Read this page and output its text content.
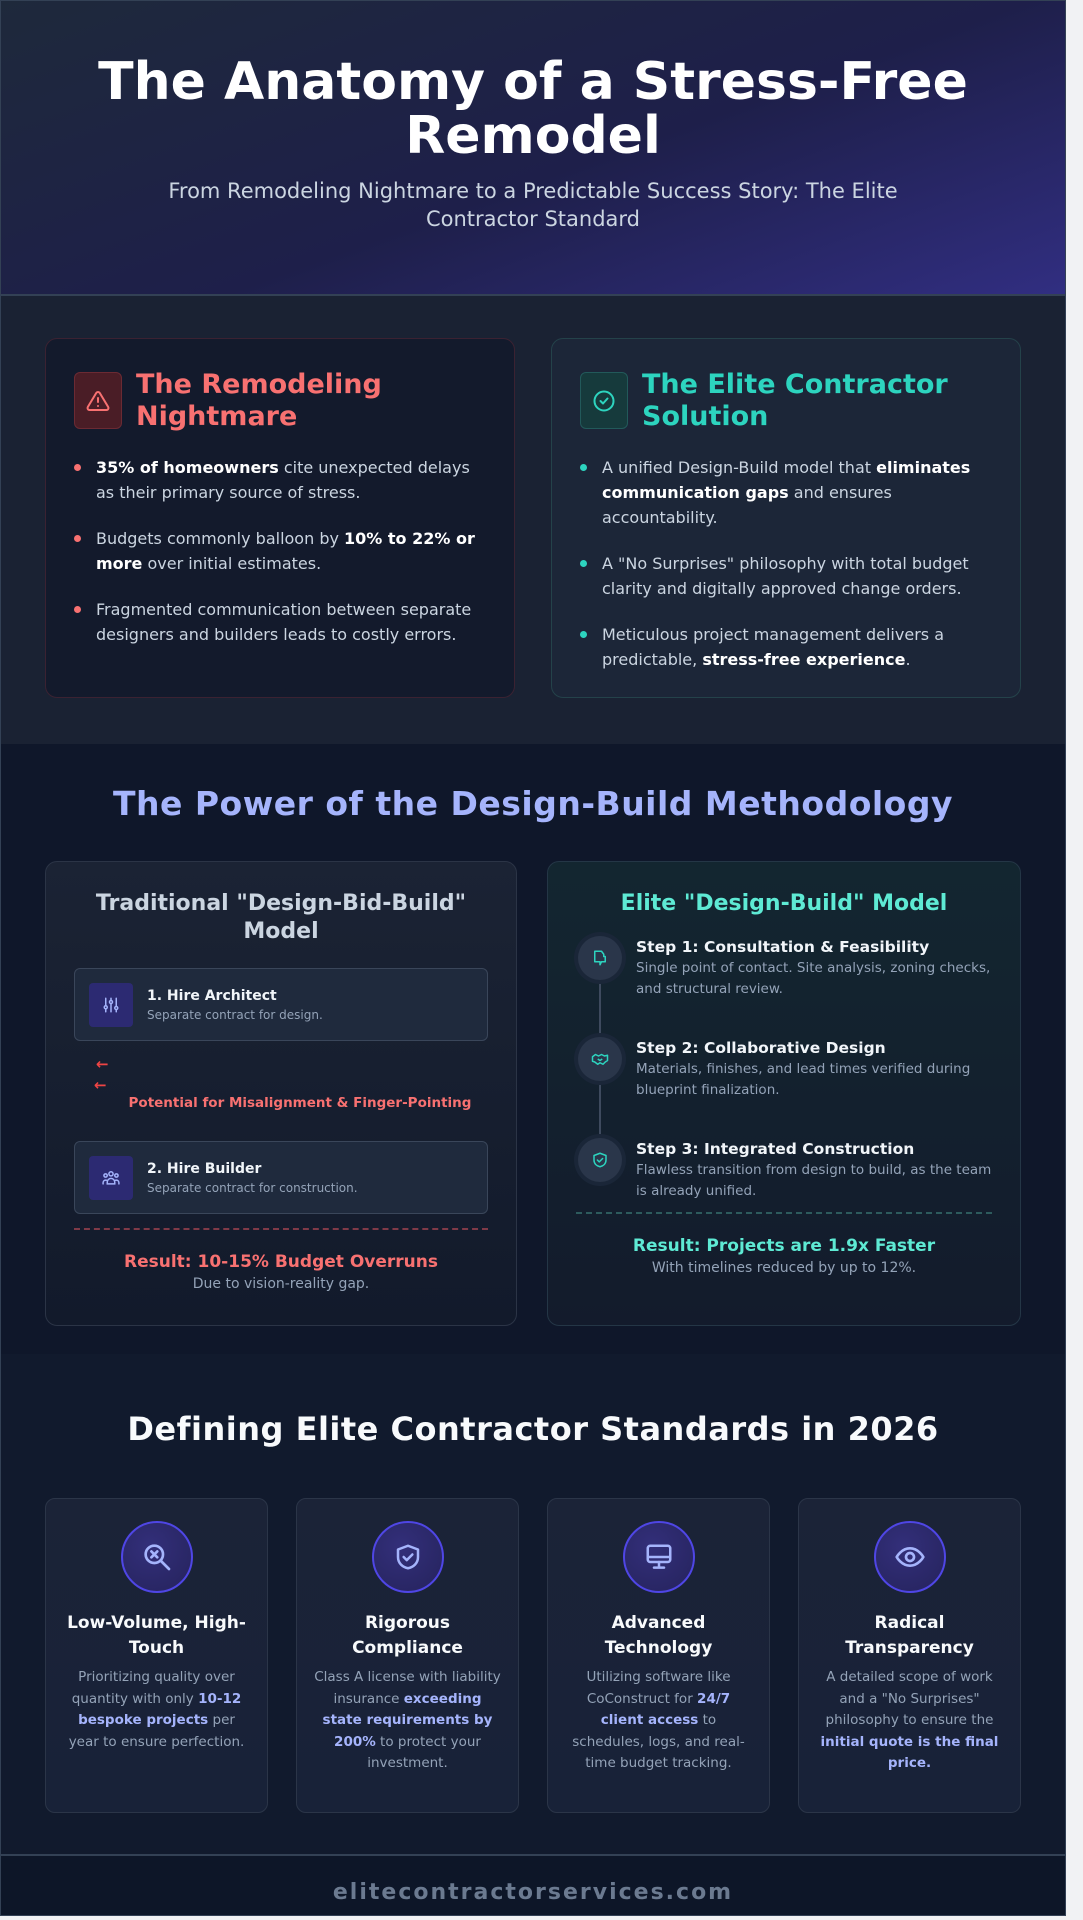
The Anatomy of a Stress-Free Remodel

From Remodeling Nightmare to a Predictable Success Story: The Elite Contractor Standard

The Remodeling Nightmare
35% of homeowners cite unexpected delays as their primary source of stress.
Budgets commonly balloon by 10% to 22% or more over initial estimates.
Fragmented communication between separate designers and builders leads to costly errors.
The Elite Contractor Solution
A unified Design-Build model that eliminates communication gaps and ensures accountability.
A "No Surprises" philosophy with total budget clarity and digitally approved change orders.
Meticulous project management delivers a predictable, stress-free experience.
The Power of the Design-Build Methodology
Traditional "Design-Bid-Build" Model
1. Hire Architect
Separate contract for design.
←
←
Potential for Misalignment & Finger-Pointing
2. Hire Builder
Separate contract for construction.
Result: 10-15% Budget Overruns
Due to vision-reality gap.
Elite "Design-Build" Model
Step 1: Consultation & Feasibility
Single point of contact. Site analysis, zoning checks, and structural review.
Step 2: Collaborative Design
Materials, finishes, and lead times verified during blueprint finalization.
Step 3: Integrated Construction
Flawless transition from design to build, as the team is already unified.
Result: Projects are 1.9x Faster
With timelines reduced by up to 12%.
Defining Elite Contractor Standards in 2026
Low-Volume, High-Touch
Prioritizing quality over quantity with only 10-12 bespoke projects per year to ensure perfection.
Rigorous Compliance
Class A license with liability insurance exceeding state requirements by 200% to protect your investment.
Advanced Technology
Utilizing software like CoConstruct for 24/7 client access to schedules, logs, and real-time budget tracking.
Radical Transparency
A detailed scope of work and a "No Surprises" philosophy to ensure the initial quote is the final price.
elitecontractorservices.com
